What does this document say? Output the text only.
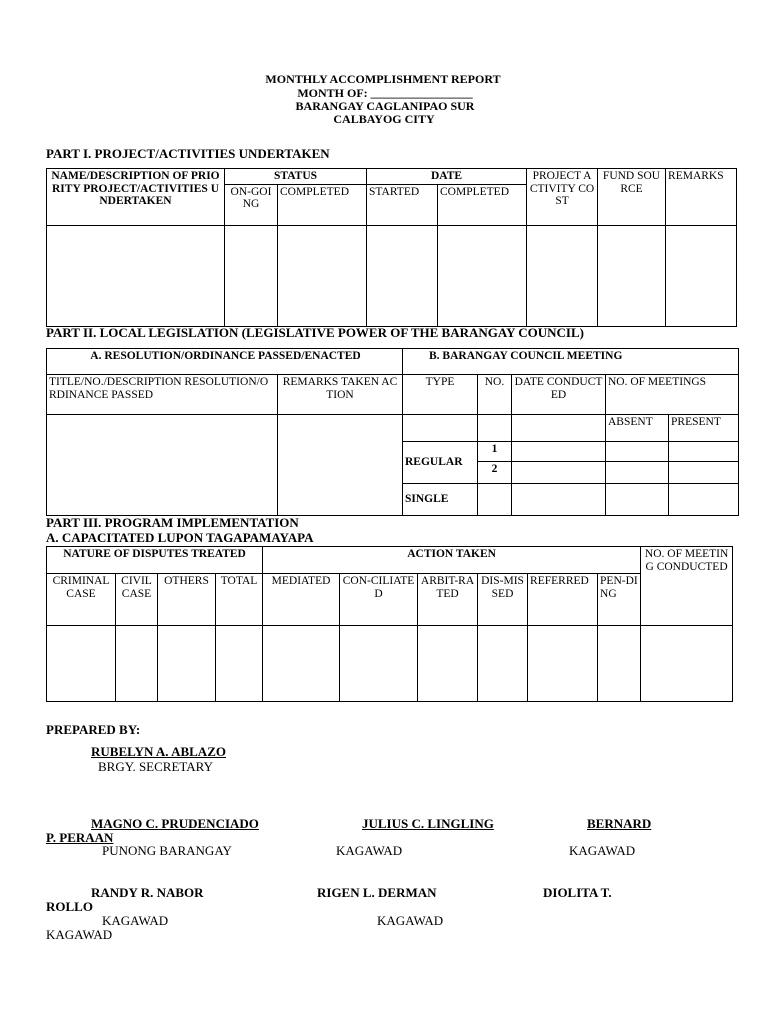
MONTHLY ACCOMPLISHMENT REPORT
MONTH OF: _________________
BARANGAY CAGLANIPAO SUR
CALBAYOG CITY
PART I. PROJECT/ACTIVITIES UNDERTAKEN
NAME/DESCRIPTION OF PRIORITY PROJECT/ACTIVITIES UNDERTAKEN	STATUS		DATE		PROJECT ACTIVITY COST	FUND SOURCE	REMARKS
	ON-GOING	COMPLETED	STARTED	COMPLETED			

PART II. LOCAL LEGISLATION (LEGISLATIVE POWER OF THE BARANGAY COUNCIL)
A. RESOLUTION/ORDINANCE PASSED/ENACTED	
TITLE/NO./DESCRIPTION RESOLUTION/ORDINANCE PASSED	REMARKS TAKEN ACTION

B. BARANGAY COUNCIL MEETING				
TYPE	NO.	DATE CONDUCTED	NO. OF MEETINGS	
			ABSENT	PRESENT
REGULAR	1			
	2			
SINGLE				
PART III. PROGRAM IMPLEMENTATION
A. CAPACITATED LUPON TAGAPAMAYAPA
NATURE OF DISPUTES TREATED				ACTION TAKEN						NO. OF MEETING CONDUCTED
CRIMINAL CASE	CIVIL CASE	OTHERS	TOTAL	MEDIATED	CON-CILIATED	ARBIT-RATED	DIS-MISSED	REFERRED	PEN-DING	

PREPARED BY:
RUBELYN A. ABLAZO
BRGY. SECRETARY
MAGNO C. PRUDENCIADO	JULIUS C. LINGLING	BERNARD
P. PERAAN
PUNONG BARANGAY	KAGAWAD	KAGAWAD
RANDY R. NABOR	RIGEN L. DERMAN	DIOLITA T.
ROLLO
KAGAWAD	KAGAWAD
KAGAWAD
